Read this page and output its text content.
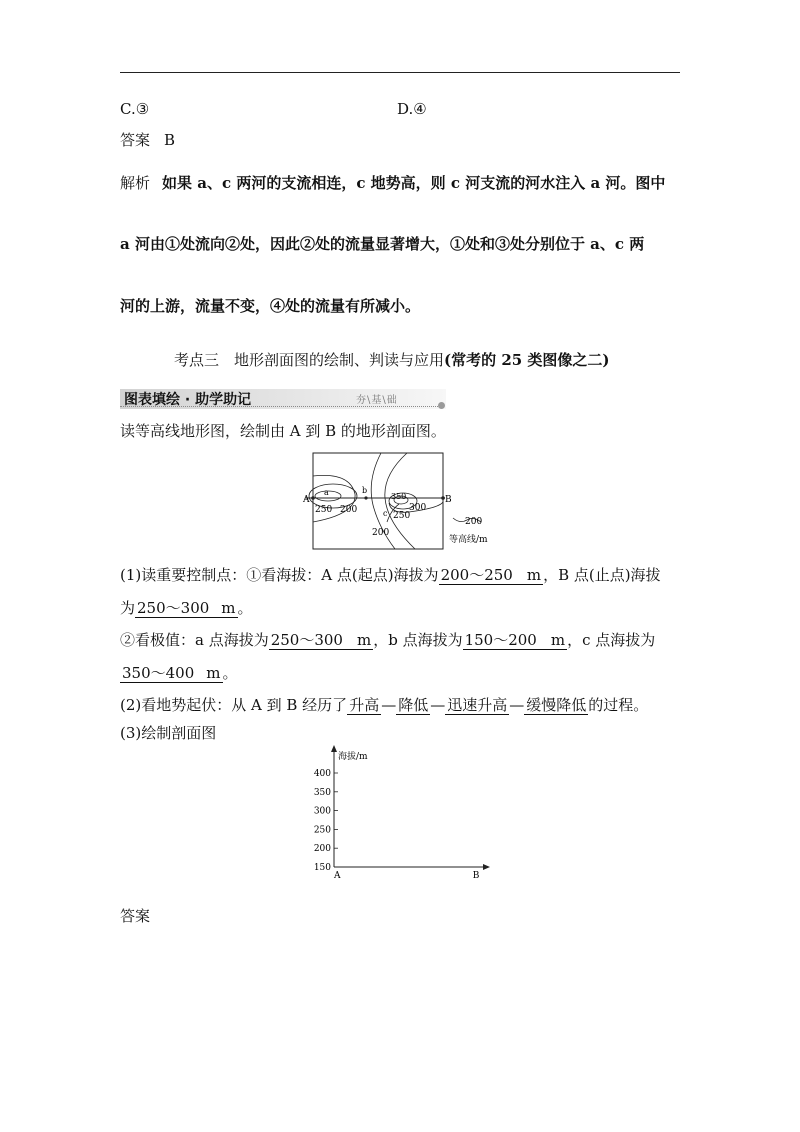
C.③	D.④
答案 B
解析 如果 a、c 两河的支流相连，c 地势高，则 c 河支流的河水注入 a 河。图中
a 河由①处流向②处，因此②处的流量显著增大，①处和③处分别位于 a、c 两
河的上游，流量不变，④处的流量有所减小。
考点三　地形剖面图的绘制、判读与应用(常考的 25 类图像之二)
图表填绘 · 助学助记	夯\基\础
读等高线地形图，绘制由 A 到 B 的地形剖面图。
A	B
a	b
c
250 200
350
300
250
200
200
等高线/m
(1)读重要控制点：①看海拔：A 点(起点)海拔为 200～250 m ，B 点(止点)海拔
为 250～300 m 。
②看极值：a 点海拔为 250～300 m ，b 点海拔为 150～200 m ，c 点海拔为
350～400 m 。
(2)看地势起伏：从 A 到 B 经历了 升高 — 降低 — 迅速升高 — 缓慢降低 的过程。
(3)绘制剖面图
海拔/m
150
200
250
300
350
400
A	B
答案
